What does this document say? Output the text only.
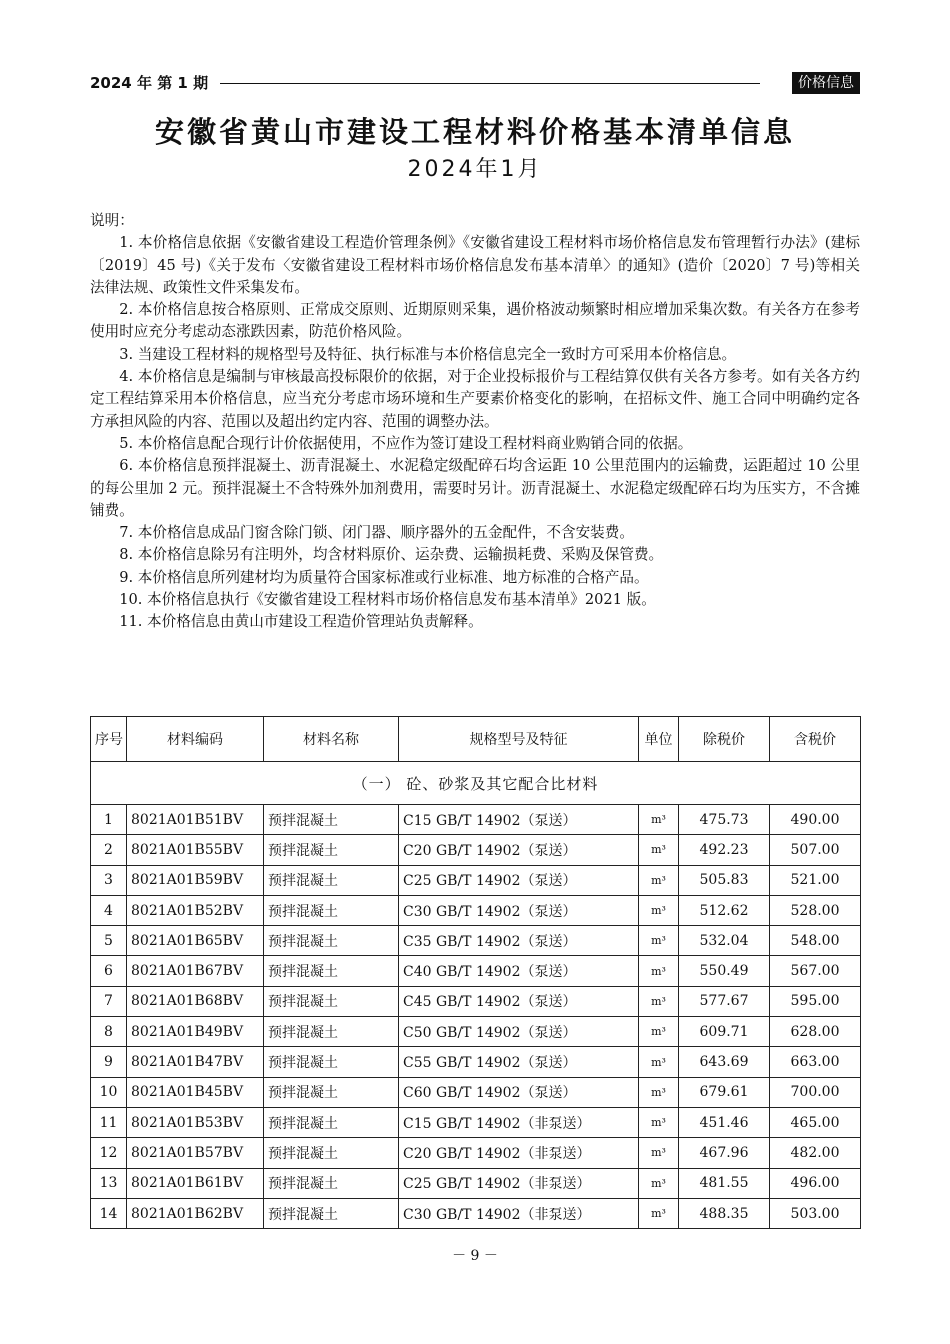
2024 年 第 1 期	价格信息
安徽省黄山市建设工程材料价格基本清单信息
2024年1月

说明：

1. 本价格信息依据《安徽省建设工程造价管理条例》《安徽省建设工程材料市场价格信息发布管理暂行办法》(建标〔2019〕45 号)《关于发布〈安徽省建设工程材料市场价格信息发布基本清单〉的通知》(造价〔2020〕7 号)等相关法律法规、政策性文件采集发布。

2. 本价格信息按合格原则、正常成交原则、近期原则采集，遇价格波动频繁时相应增加采集次数。有关各方在参考使用时应充分考虑动态涨跌因素，防范价格风险。

3. 当建设工程材料的规格型号及特征、执行标准与本价格信息完全一致时方可采用本价格信息。

4. 本价格信息是编制与审核最高投标限价的依据，对于企业投标报价与工程结算仅供有关各方参考。如有关各方约定工程结算采用本价格信息，应当充分考虑市场环境和生产要素价格变化的影响，在招标文件、施工合同中明确约定各方承担风险的内容、范围以及超出约定内容、范围的调整办法。

5. 本价格信息配合现行计价依据使用，不应作为签订建设工程材料商业购销合同的依据。

6. 本价格信息预拌混凝土、沥青混凝土、水泥稳定级配碎石均含运距 10 公里范围内的运输费，运距超过 10 公里的每公里加 2 元。预拌混凝土不含特殊外加剂费用，需要时另计。沥青混凝土、水泥稳定级配碎石均为压实方，不含摊铺费。

7. 本价格信息成品门窗含除门锁、闭门器、顺序器外的五金配件，不含安装费。

8. 本价格信息除另有注明外，均含材料原价、运杂费、运输损耗费、采购及保管费。

9. 本价格信息所列建材均为质量符合国家标准或行业标准、地方标准的合格产品。

10. 本价格信息执行《安徽省建设工程材料市场价格信息发布基本清单》2021 版。

11. 本价格信息由黄山市建设工程造价管理站负责解释。

序号	材料编码	材料名称	规格型号及特征	单位	除税价	含税价
（一） 砼、砂浆及其它配合比材料						
1	8021A01B51BV	预拌混凝土	C15 GB/T 14902（泵送）	m³	475.73	490.00
2	8021A01B55BV	预拌混凝土	C20 GB/T 14902（泵送）	m³	492.23	507.00
3	8021A01B59BV	预拌混凝土	C25 GB/T 14902（泵送）	m³	505.83	521.00
4	8021A01B52BV	预拌混凝土	C30 GB/T 14902（泵送）	m³	512.62	528.00
5	8021A01B65BV	预拌混凝土	C35 GB/T 14902（泵送）	m³	532.04	548.00
6	8021A01B67BV	预拌混凝土	C40 GB/T 14902（泵送）	m³	550.49	567.00
7	8021A01B68BV	预拌混凝土	C45 GB/T 14902（泵送）	m³	577.67	595.00
8	8021A01B49BV	预拌混凝土	C50 GB/T 14902（泵送）	m³	609.71	628.00
9	8021A01B47BV	预拌混凝土	C55 GB/T 14902（泵送）	m³	643.69	663.00
10	8021A01B45BV	预拌混凝土	C60 GB/T 14902（泵送）	m³	679.61	700.00
11	8021A01B53BV	预拌混凝土	C15 GB/T 14902（非泵送）	m³	451.46	465.00
12	8021A01B57BV	预拌混凝土	C20 GB/T 14902（非泵送）	m³	467.96	482.00
13	8021A01B61BV	预拌混凝土	C25 GB/T 14902（非泵送）	m³	481.55	496.00
14	8021A01B62BV	预拌混凝土	C30 GB/T 14902（非泵送）	m³	488.35	503.00
－ 9 －
